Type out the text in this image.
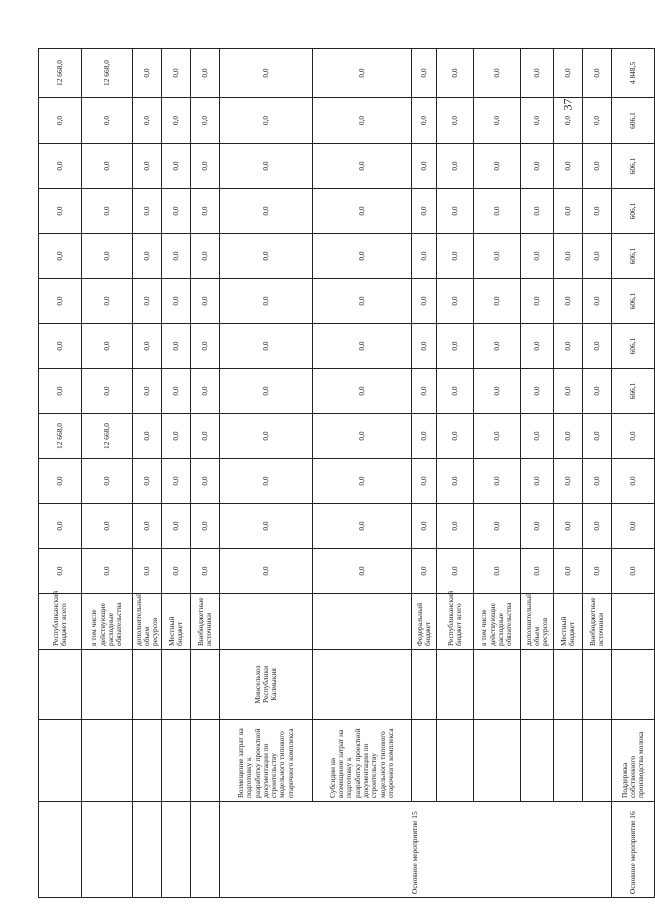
			Республиканский бюджет всего	0,0	0,0	0,0	12 668,0	0,0	0,0	0,0	0,0	0,0	0,0	0,0	12 668,0
			в том числе действующие расходные обязательства	0,0	0,0	0,0	12 668,0	0,0	0,0	0,0	0,0	0,0	0,0	0,0	12 668,0
			дополнительный объем ресурсов	0,0	0,0	0,0	0,0	0,0	0,0	0,0	0,0	0,0	0,0	0,0	0,0
			Местный бюджет	0,0	0,0	0,0	0,0	0,0	0,0	0,0	0,0	0,0	0,0	0,0	0,0
			Внебюджетные источники	0,0	0,0	0,0	0,0	0,0	0,0	0,0	0,0	0,0	0,0	0,0	0,0
Основное мероприятие 15	Возмещение затрат на подготовку к разработку проектной документации по строительству модельного типового отарочного комплекса	Минсельхоз Республики Калмыкия		0,0	0,0	0,0	0,0	0,0	0,0	0,0	0,0	0,0	0,0	0,0	0,0
	Субсидии на возмещение затрат на подготовку к разработку проектной документации по строительству модельного типового отарочного комплекса			0,0	0,0	0,0	0,0	0,0	0,0	0,0	0,0	0,0	0,0	0,0	0,0
			Федеральный бюджет	0,0	0,0	0,0	0,0	0,0	0,0	0,0	0,0	0,0	0,0	0,0	0,0
			Республиканский бюджет всего	0,0	0,0	0,0	0,0	0,0	0,0	0,0	0,0	0,0	0,0	0,0	0,0
			в том числе действующие расходные обязательства	0,0	0,0	0,0	0,0	0,0	0,0	0,0	0,0	0,0	0,0	0,0	0,0
			дополнительный объем ресурсов	0,0	0,0	0,0	0,0	0,0	0,0	0,0	0,0	0,0	0,0	0,0	0,0
			Местный бюджет	0,0	0,0	0,0	0,0	0,0	0,0	0,0	0,0	0,0	0,0	0,0	0,0
			Внебюджетные источники	0,0	0,0	0,0	0,0	0,0	0,0	0,0	0,0	0,0	0,0	0,0	0,0
Основное мероприятие 16	Поддержка собственного производства молока			0,0	0,0	0,0	0,0	666,1	606,1	606,1	606,1	606,1	606,1	606,1	4 848,5
37
